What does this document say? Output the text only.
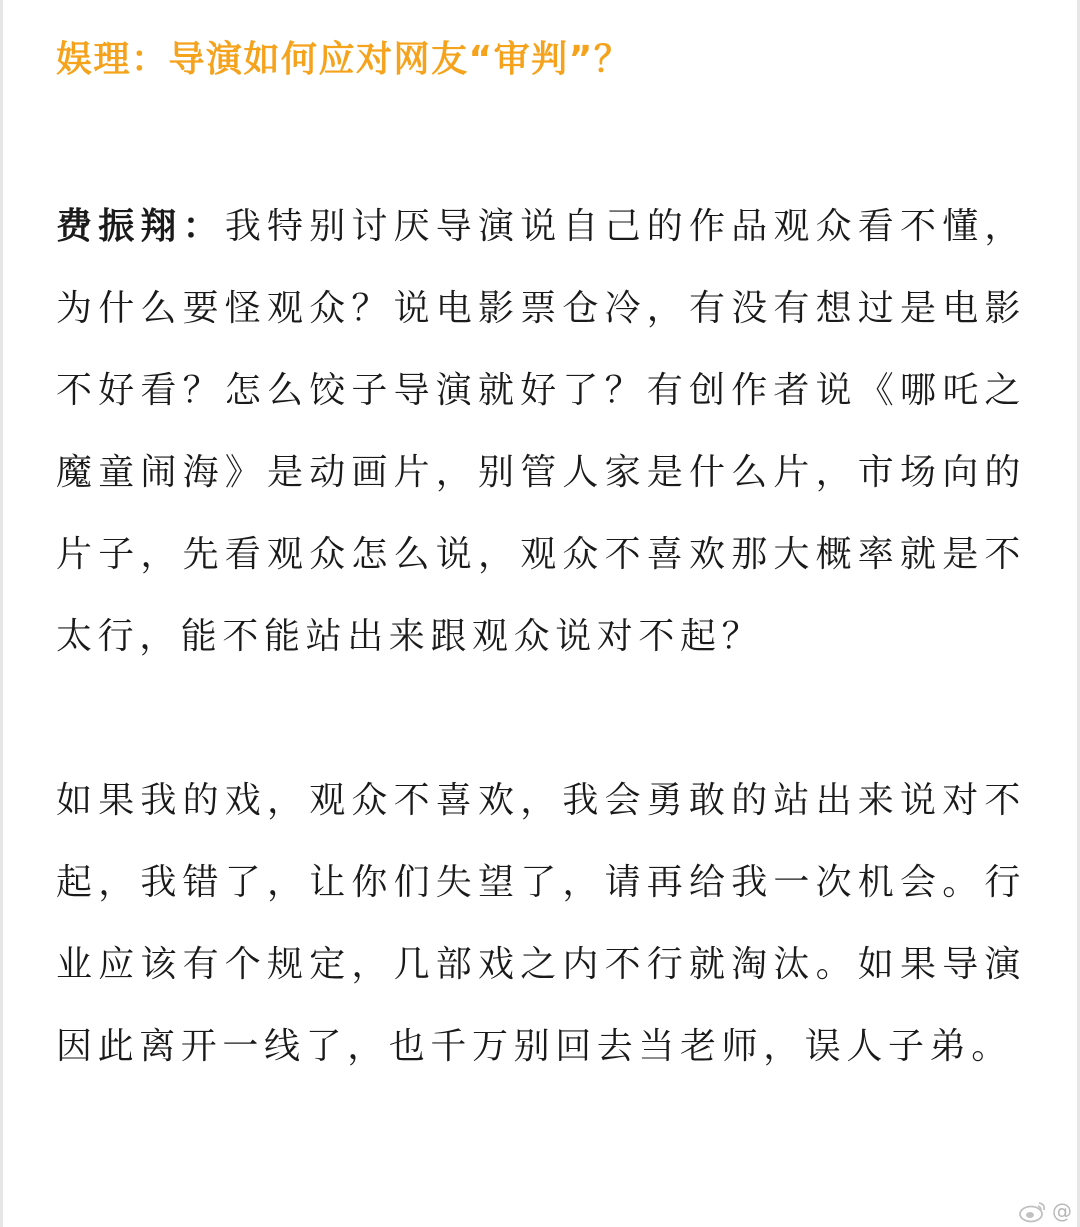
娱理：导演如何应对网友“审判”？

费振翔：我特别讨厌导演说自己的作品观众看不懂，为什么要怪观众？说电影票仓冷，有没有想过是电影不好看？怎么饺子导演就好了？有创作者说《哪吒之魔童闹海》是动画片，别管人家是什么片，市场向的片子，先看观众怎么说，观众不喜欢那大概率就是不太行，能不能站出来跟观众说对不起？

如果我的戏，观众不喜欢，我会勇敢的站出来说对不起，我错了，让你们失望了，请再给我一次机会。行业应该有个规定，几部戏之内不行就淘汰。如果导演因此离开一线了，也千万别回去当老师，误人子弟。

@
